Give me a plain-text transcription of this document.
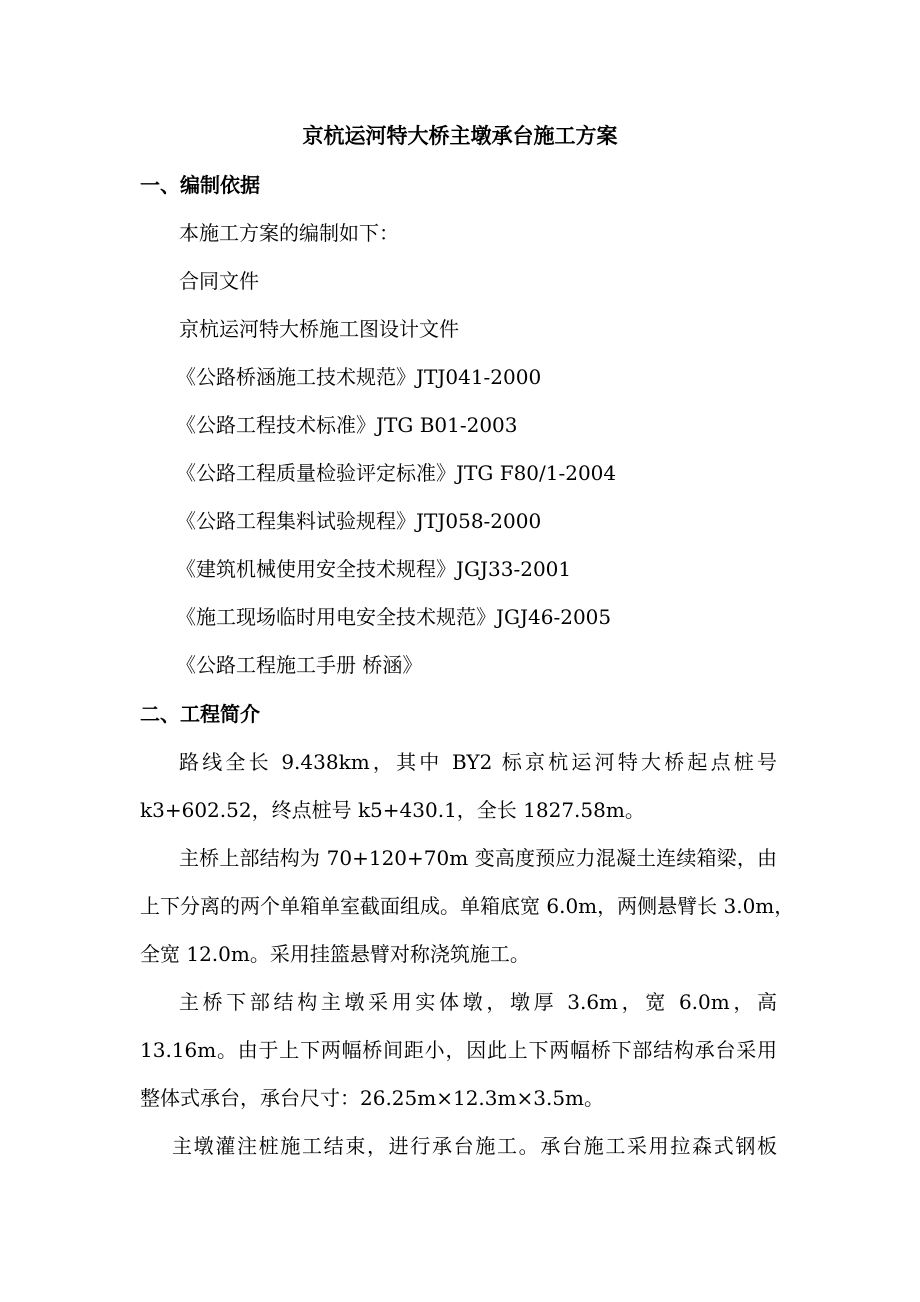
京杭运河特大桥主墩承台施工方案
一、编制依据
本施工方案的编制如下：
合同文件
京杭运河特大桥施工图设计文件
《公路桥涵施工技术规范》JTJ041-2000
《公路工程技术标准》JTG B01-2003
《公路工程质量检验评定标准》JTG F80/1-2004
《公路工程集料试验规程》JTJ058-2000
《建筑机械使用安全技术规程》JGJ33-2001
《施工现场临时用电安全技术规范》JGJ46-2005
《公路工程施工手册 桥涵》
二、工程简介
路线全长 9.438km，其中 BY2 标京杭运河特大桥起点桩号
k3+602.52，终点桩号 k5+430.1，全长 1827.58m。
主桥上部结构为 70+120+70m 变高度预应力混凝土连续箱梁，由
上下分离的两个单箱单室截面组成。单箱底宽 6.0m，两侧悬臂长 3.0m，
全宽 12.0m。采用挂篮悬臂对称浇筑施工。
主桥下部结构主墩采用实体墩，墩厚 3.6m，宽 6.0m，高
13.16m。由于上下两幅桥间距小，因此上下两幅桥下部结构承台采用
整体式承台，承台尺寸：26.25m×12.3m×3.5m。
主墩灌注桩施工结束，进行承台施工。承台施工采用拉森式钢板
